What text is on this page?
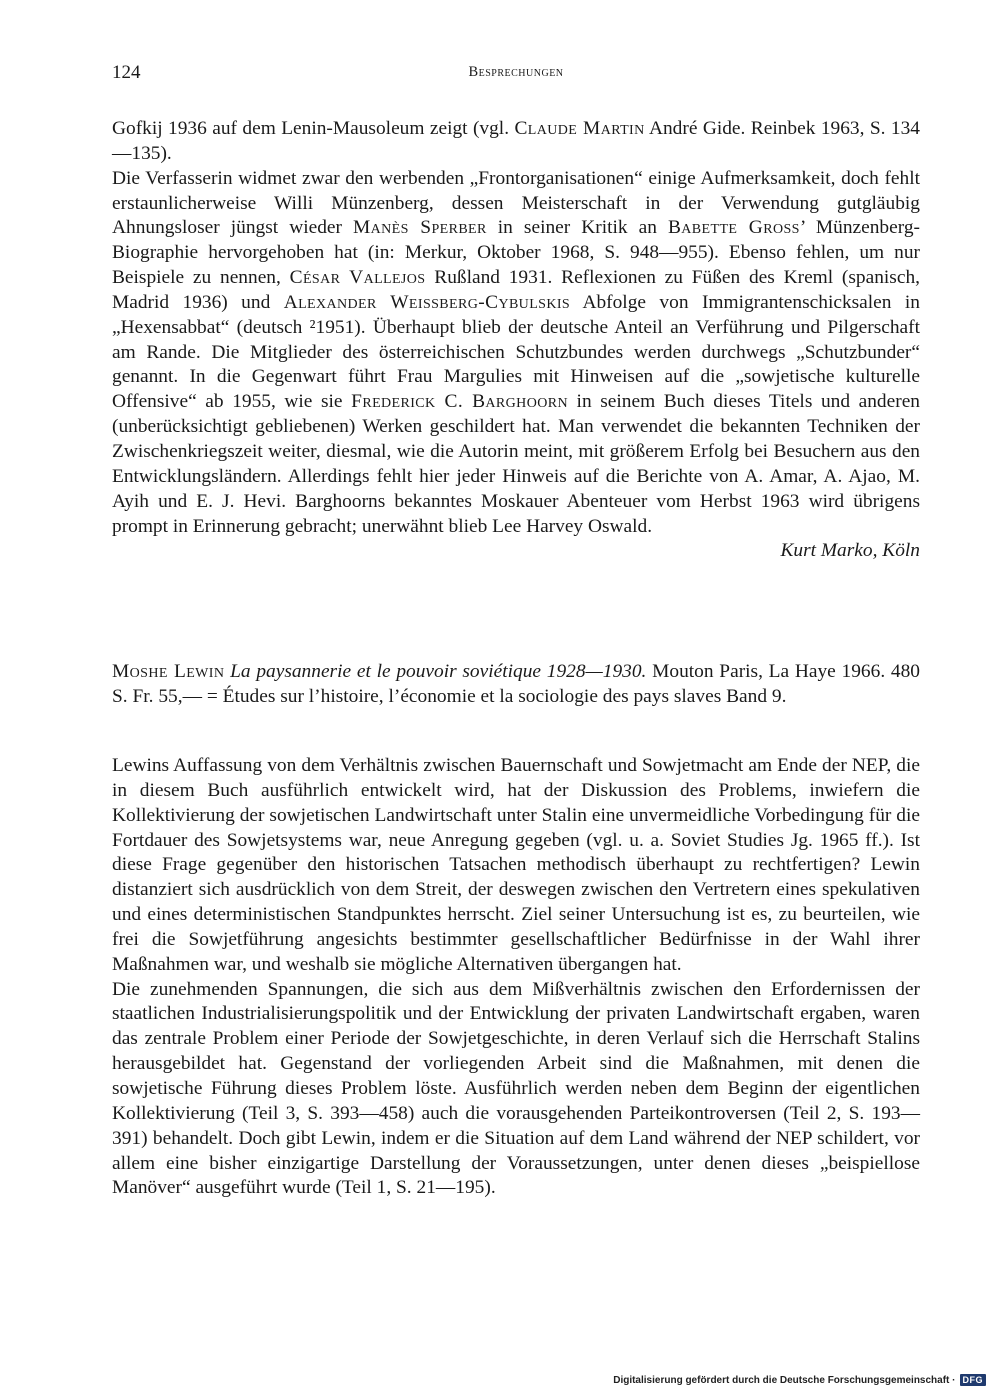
124	Besprechungen

Gofkij 1936 auf dem Lenin-Mausoleum zeigt (vgl. Claude Martin André Gide. Reinbek 1963, S. 134—135).

Die Verfasserin widmet zwar den werbenden „Frontorganisationen“ einige Aufmerksamkeit, doch fehlt erstaunlicherweise Willi Münzenberg, dessen Meisterschaft in der Verwendung gutgläubig Ahnungsloser jüngst wieder Manès Sperber in seiner Kritik an Babette Gross’ Münzenberg-Biographie hervorgehoben hat (in: Merkur, Oktober 1968, S. 948—955). Ebenso fehlen, um nur Beispiele zu nennen, César Vallejos Rußland 1931. Reflexionen zu Füßen des Kreml (spanisch, Madrid 1936) und Alexander Weissberg-Cybulskis Abfolge von Immigrantenschicksalen in „Hexensabbat“ (deutsch ²1951). Überhaupt blieb der deutsche Anteil an Verführung und Pilgerschaft am Rande. Die Mitglieder des österreichischen Schutzbundes werden durchwegs „Schutzbunder“ genannt. In die Gegenwart führt Frau Margulies mit Hinweisen auf die „sowjetische kulturelle Offensive“ ab 1955, wie sie Frederick C. Barghoorn in seinem Buch dieses Titels und anderen (unberücksichtigt gebliebenen) Werken geschildert hat. Man verwendet die bekannten Techniken der Zwischenkriegszeit weiter, diesmal, wie die Autorin meint, mit größerem Erfolg bei Besuchern aus den Entwicklungsländern. Allerdings fehlt hier jeder Hinweis auf die Berichte von A. Amar, A. Ajao, M. Ayih und E. J. Hevi. Barghoorns bekanntes Moskauer Abenteuer vom Herbst 1963 wird übrigens prompt in Erinnerung gebracht; unerwähnt blieb Lee Harvey Oswald.

Kurt Marko, Köln

Moshe Lewin La paysannerie et le pouvoir soviétique 1928—1930. Mouton Paris, La Haye 1966. 480 S. Fr. 55,— = Études sur l’histoire, l’économie et la sociologie des pays slaves Band 9.

Lewins Auffassung von dem Verhältnis zwischen Bauernschaft und Sowjetmacht am Ende der NEP, die in diesem Buch ausführlich entwickelt wird, hat der Diskussion des Problems, inwiefern die Kollektivierung der sowjetischen Landwirtschaft unter Stalin eine unvermeidliche Vorbedingung für die Fortdauer des Sowjetsystems war, neue Anregung gegeben (vgl. u. a. Soviet Studies Jg. 1965 ff.). Ist diese Frage gegenüber den historischen Tatsachen methodisch überhaupt zu rechtfertigen? Lewin distanziert sich ausdrücklich von dem Streit, der deswegen zwischen den Vertretern eines spekulativen und eines deterministischen Standpunktes herrscht. Ziel seiner Untersuchung ist es, zu beurteilen, wie frei die Sowjetführung angesichts bestimmter gesellschaftlicher Bedürfnisse in der Wahl ihrer Maßnahmen war, und weshalb sie mögliche Alternativen übergangen hat.

Die zunehmenden Spannungen, die sich aus dem Mißverhältnis zwischen den Erfordernissen der staatlichen Industrialisierungspolitik und der Entwicklung der privaten Landwirtschaft ergaben, waren das zentrale Problem einer Periode der Sowjetgeschichte, in deren Verlauf sich die Herrschaft Stalins herausgebildet hat. Gegenstand der vorliegenden Arbeit sind die Maßnahmen, mit denen die sowjetische Führung dieses Problem löste. Ausführlich werden neben dem Beginn der eigentlichen Kollektivierung (Teil 3, S. 393—458) auch die vorausgehenden Parteikontroversen (Teil 2, S. 193—391) behandelt. Doch gibt Lewin, indem er die Situation auf dem Land während der NEP schildert, vor allem eine bisher einzigartige Darstellung der Voraussetzungen, unter denen dieses „beispiellose Manöver“ ausgeführt wurde (Teil 1, S. 21—195).

Digitalisierung gefördert durch die Deutsche Forschungsgemeinschaft · DFG
